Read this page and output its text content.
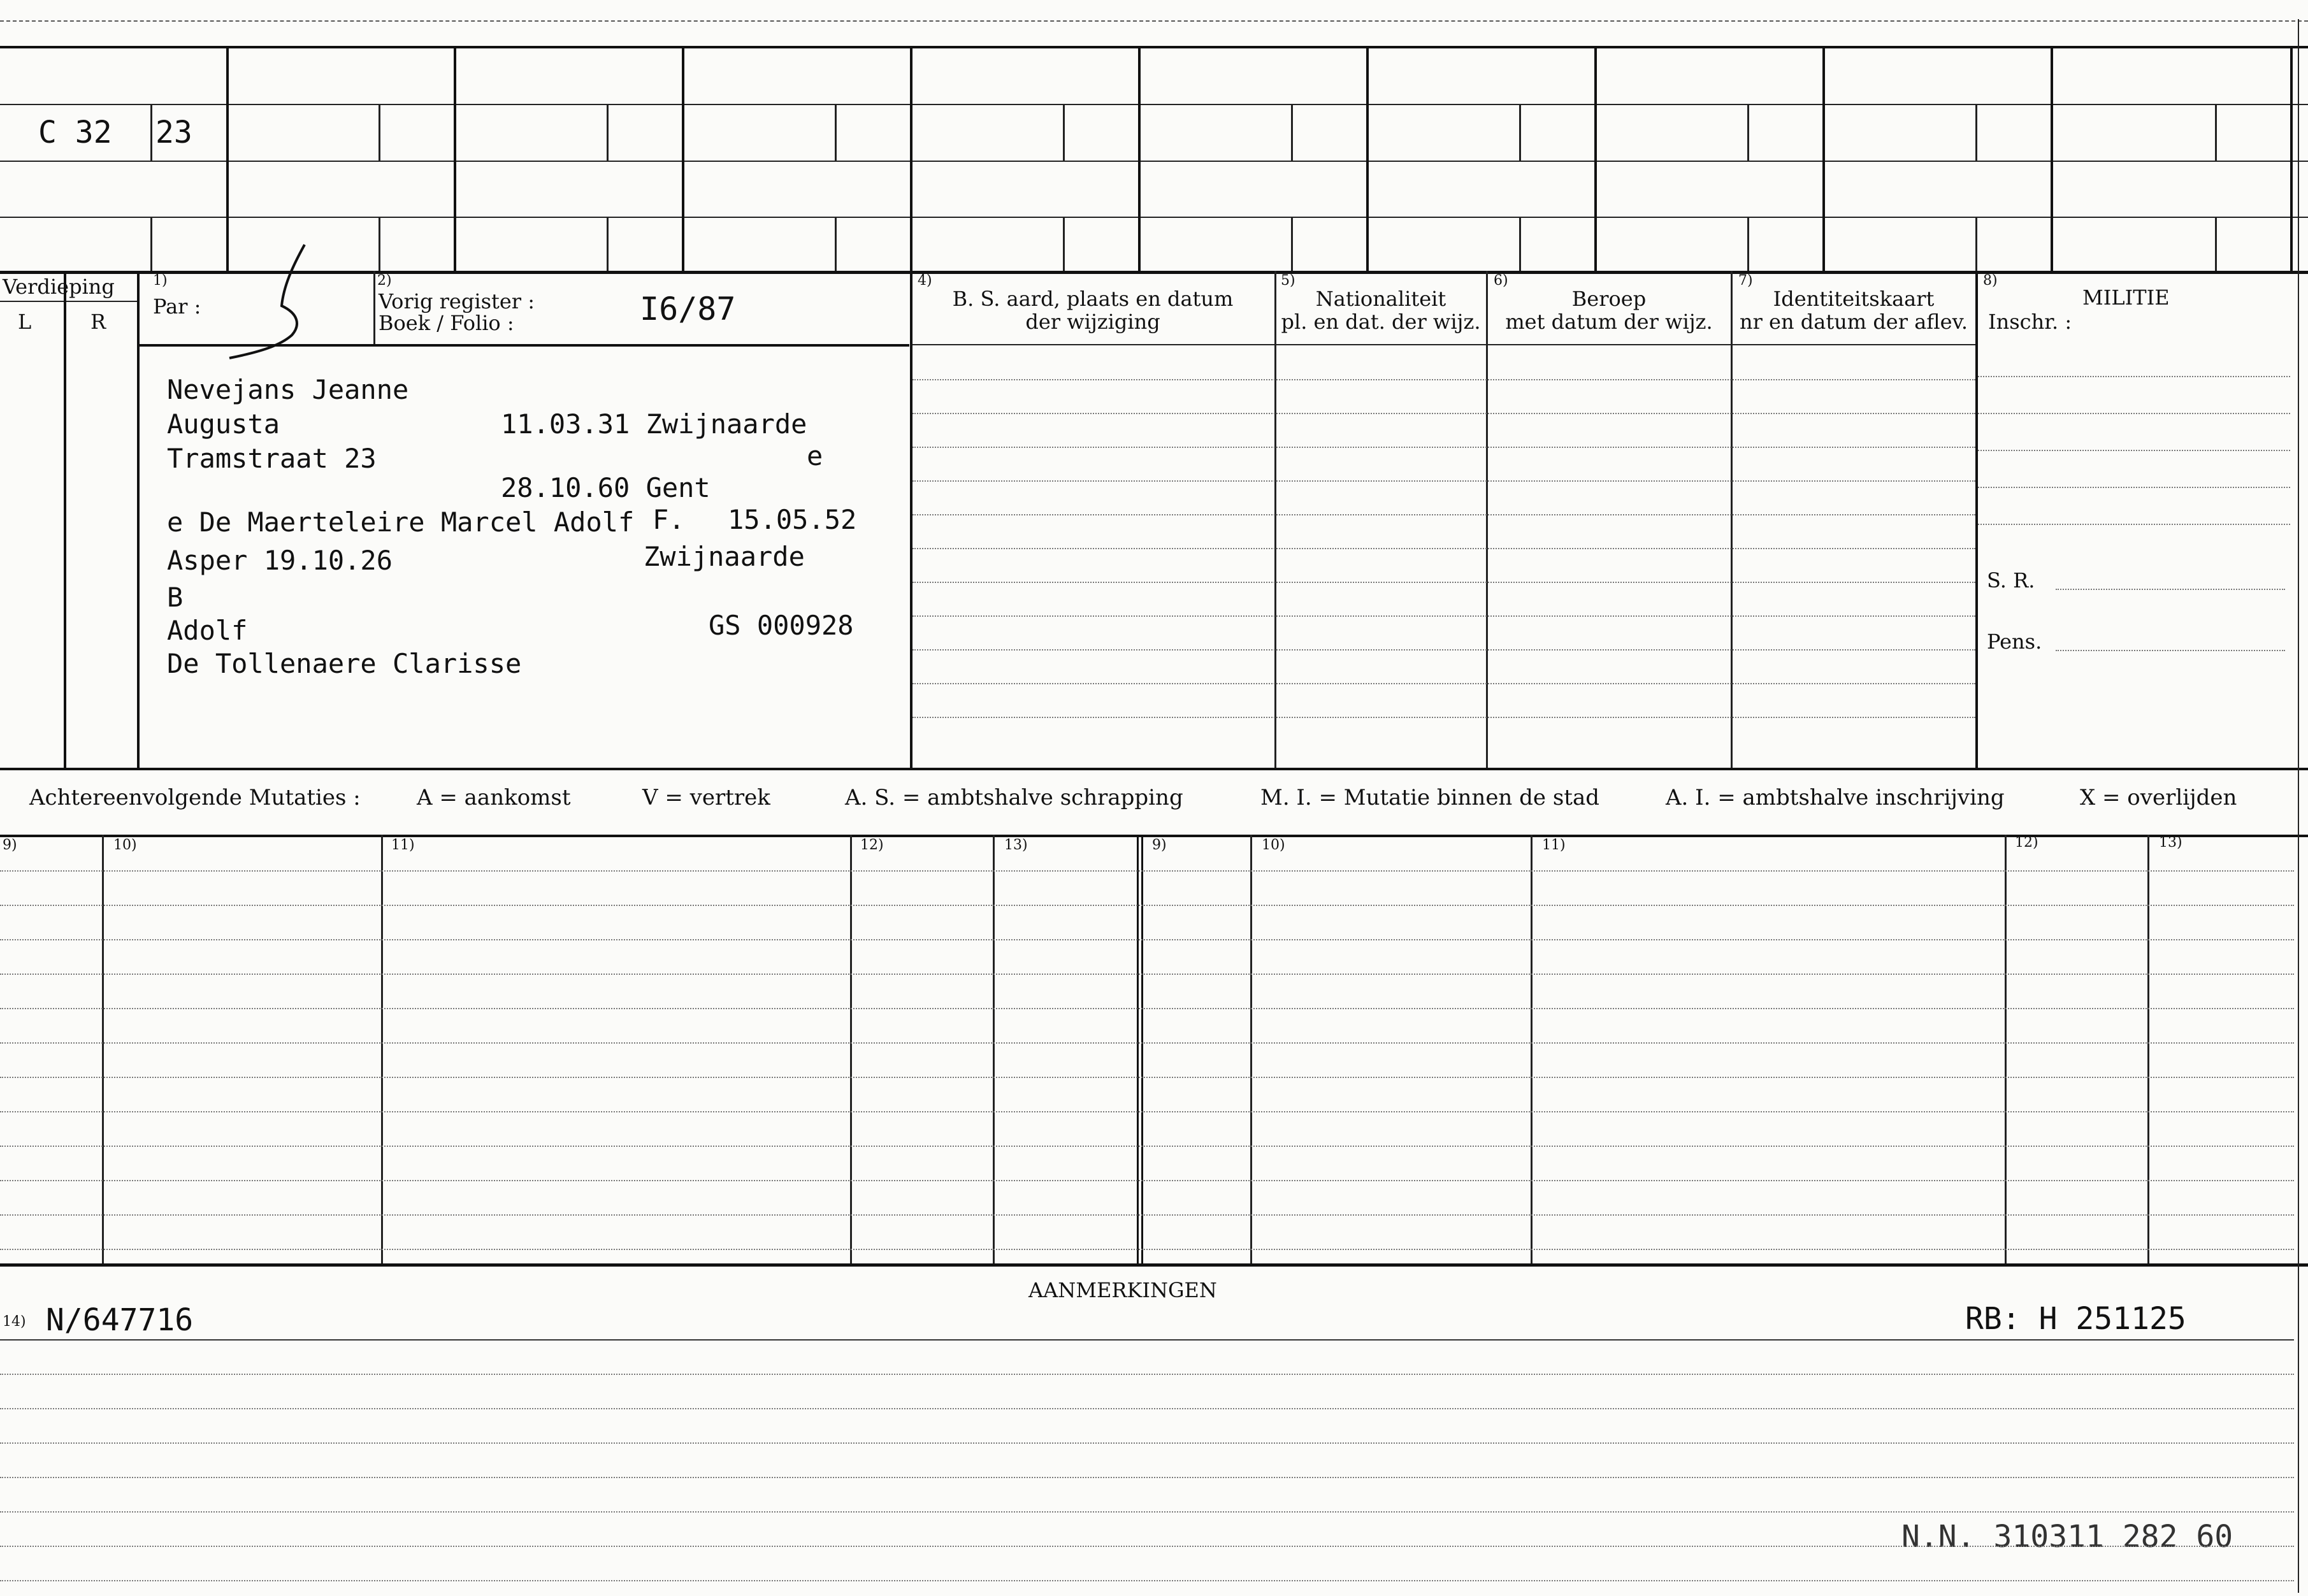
C 32 23
Verdieping
L	R
1)
Par :
2)
Vorig register :
Boek / Folio :	I6/87
4)
B. S. aard, plaats en datum
der wijziging
5)
Nationaliteit
pl. en dat. der wijz.
6)
Beroep
met datum der wijz.
7)
Identiteitskaart
nr en datum der aflev.
8)
MILITIE
Inschr. :
S. R.
Pens.
Nevejans Jeanne
Augusta	11.03.31 Zwijnaarde
Tramstraat 23	e
28.10.60 Gent
e De Maerteleire Marcel Adolf F. 15.05.52
Asper 19.10.26	Zwijnaarde
B
Adolf	GS 000928
De Tollenaere Clarisse
Achtereenvolgende Mutaties :	A = aankomst	V = vertrek	A. S. = ambtshalve schrapping	M. I. = Mutatie binnen de stad	A. I. = ambtshalve inschrijving	X = overlijden
9)	10)	11)	12)	13)	9)	10)	11)	12)	13)
AANMERKINGEN
14) N/647716	RB: H 251125
N.N. 310311 282 60
